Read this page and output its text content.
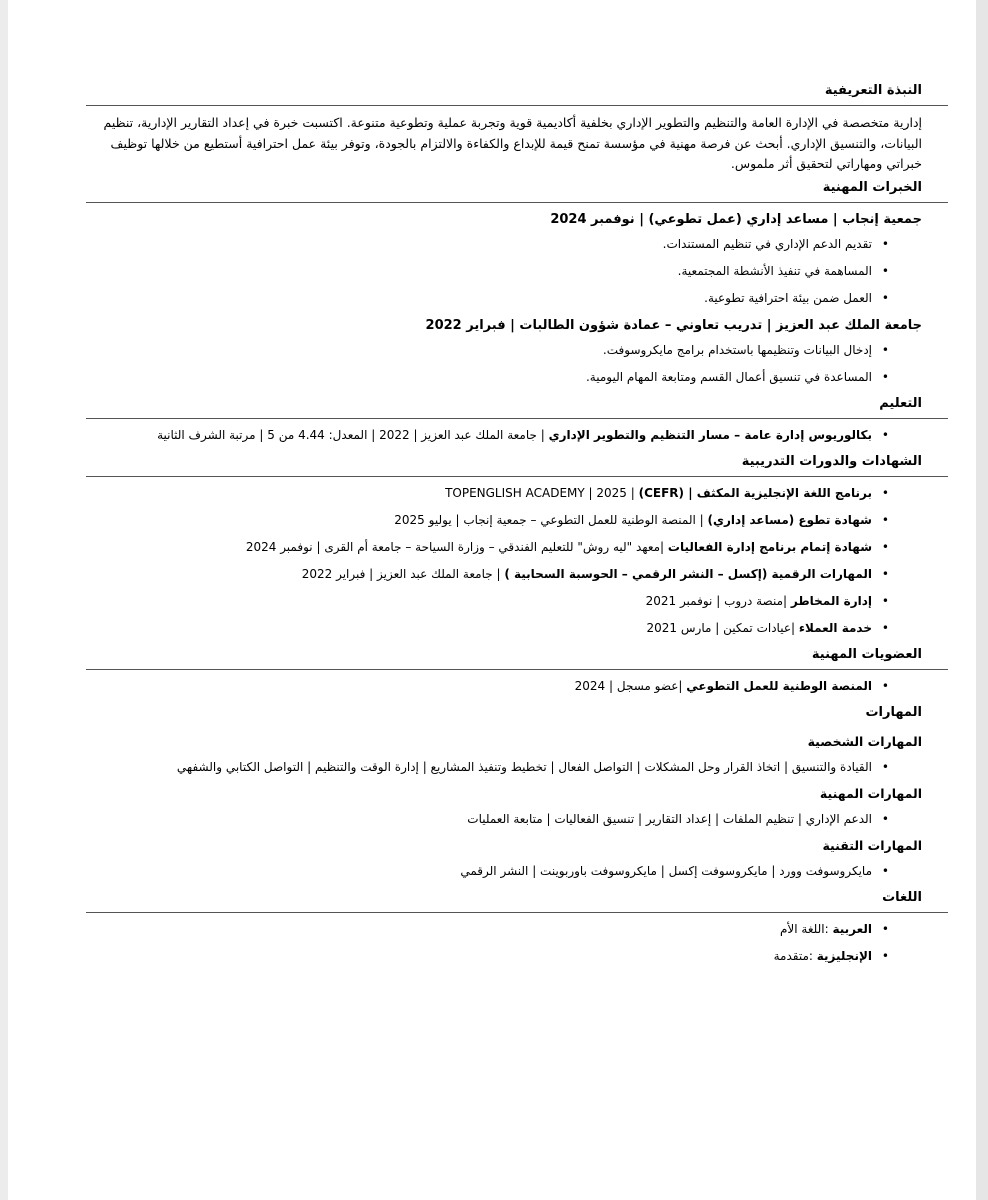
النبذة التعريفية

إدارية متخصصة في الإدارة العامة والتنظيم والتطوير الإداري بخلفية أكاديمية قوية وتجربة عملية وتطوعية متنوعة. اكتسبت خبرة في إعداد التقارير الإدارية، تنظيم البيانات، والتنسيق الإداري. أبحث عن فرصة مهنية في مؤسسة تمنح قيمة للإبداع والكفاءة والالتزام بالجودة، وتوفر بيئة عمل احترافية أستطيع من خلالها توظيف خبراتي ومهاراتي لتحقيق أثر ملموس.

الخبرات المهنية
جمعية إنجاب | مساعد إداري (عمل تطوعي) | نوفمبر 2024
• تقديم الدعم الإداري في تنظيم المستندات.
• المساهمة في تنفيذ الأنشطة المجتمعية.
• العمل ضمن بيئة احترافية تطوعية.
جامعة الملك عبد العزيز | تدريب تعاوني – عمادة شؤون الطالبات | فبراير 2022
• إدخال البيانات وتنظيمها باستخدام برامج مايكروسوفت.
• المساعدة في تنسيق أعمال القسم ومتابعة المهام اليومية.
التعليم
• بكالوريوس إدارة عامة – مسار التنظيم والتطوير الإداري | جامعة الملك عبد العزيز | 2022 | المعدل: 4.44 من 5 | مرتبة الشرف الثانية
الشهادات والدورات التدريبية
• برنامج اللغة الإنجليزية المكثف | (CEFR) | TOPENGLISH ACADEMY | 2025
• شهادة تطوع (مساعد إداري) | المنصة الوطنية للعمل التطوعي – جمعية إنجاب | يوليو 2025
• شهادة إتمام برنامج إدارة الفعاليات |معهد "ليه روش" للتعليم الفندقي – وزارة السياحة – جامعة أم القرى | نوفمبر 2024
• المهارات الرقمية (إكسل – النشر الرقمي – الحوسبة السحابية ) | جامعة الملك عبد العزيز | فبراير 2022
• إدارة المخاطر |منصة دروب | نوفمبر 2021
• خدمة العملاء |عيادات تمكين | مارس 2021
العضويات المهنية
• المنصة الوطنية للعمل التطوعي |عضو مسجل | 2024
المهارات
المهارات الشخصية
• القيادة والتنسيق | اتخاذ القرار وحل المشكلات | التواصل الفعال | تخطيط وتنفيذ المشاريع | إدارة الوقت والتنظيم | التواصل الكتابي والشفهي
المهارات المهنية
• الدعم الإداري | تنظيم الملفات | إعداد التقارير | تنسيق الفعاليات | متابعة العمليات
المهارات التقنية
• مايكروسوفت وورد | مايكروسوفت إكسل | مايكروسوفت باوربوينت | النشر الرقمي
اللغات
• العربية :اللغة الأم
• الإنجليزية :متقدمة
